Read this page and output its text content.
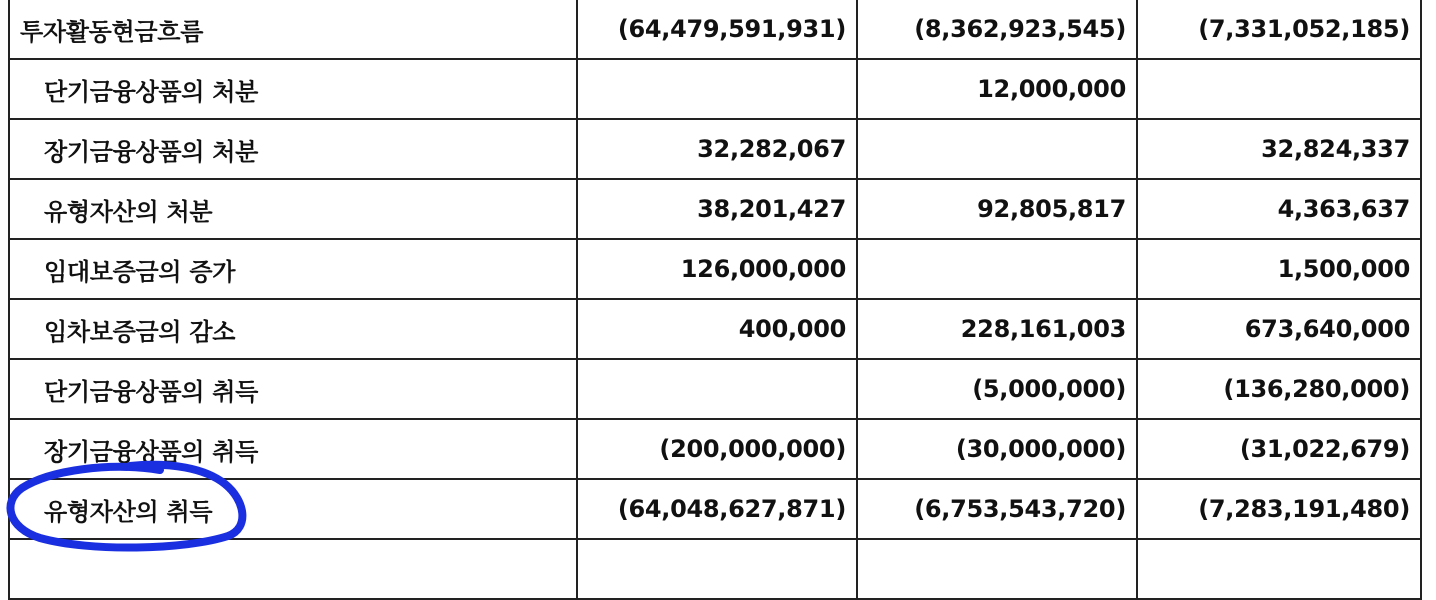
투자활동현금흐름	(64,479,591,931)	(8,362,923,545)	(7,331,052,185)
단기금융상품의 처분		12,000,000	
장기금융상품의 처분	32,282,067		32,824,337
유형자산의 처분	38,201,427	92,805,817	4,363,637
임대보증금의 증가	126,000,000		1,500,000
임차보증금의 감소	400,000	228,161,003	673,640,000
단기금융상품의 취득		(5,000,000)	(136,280,000)
장기금융상품의 취득	(200,000,000)	(30,000,000)	(31,022,679)
유형자산의 취득	(64,048,627,871)	(6,753,543,720)	(7,283,191,480)
